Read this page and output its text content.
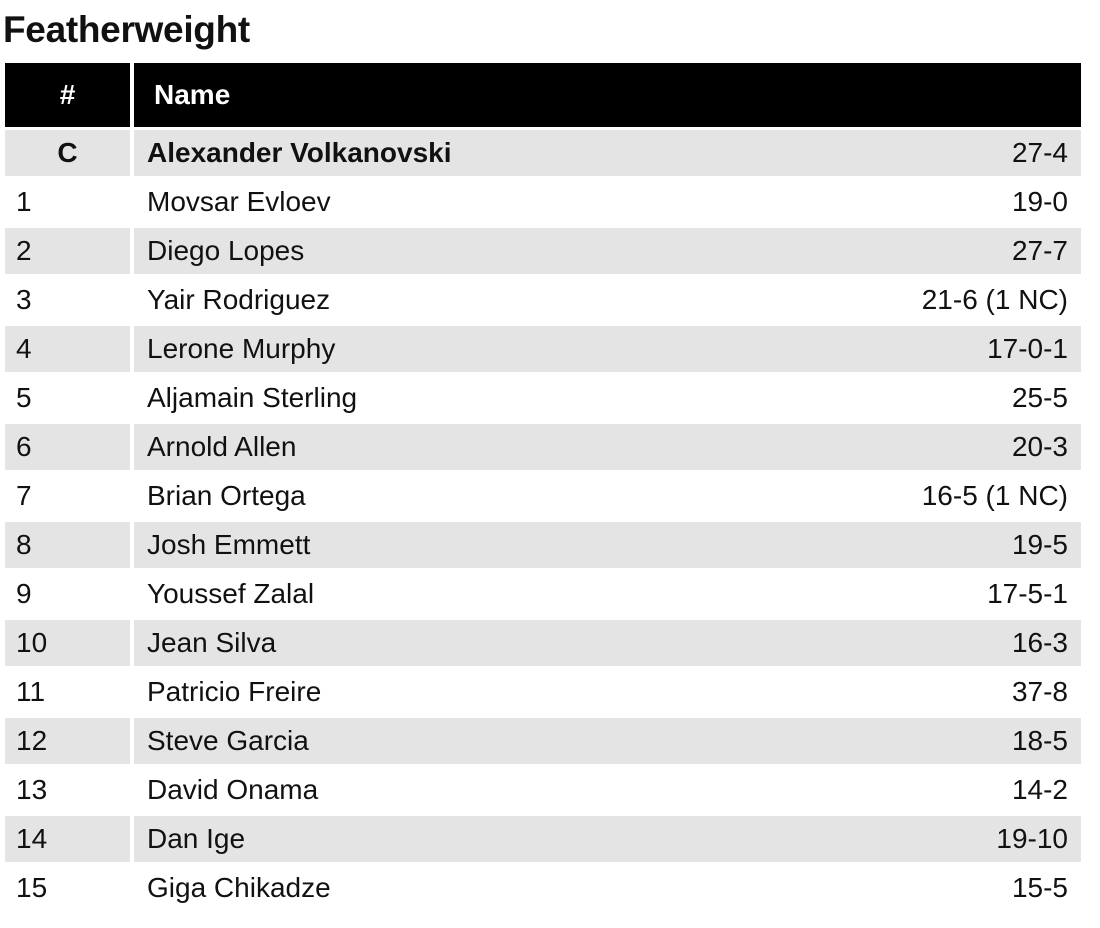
Featherweight
#		Name
C		Alexander Volkanovski 27-4

1		Movsar Evloev 19-0

2		Diego Lopes 27-7

3		Yair Rodriguez 21-6 (1 NC)

4		Lerone Murphy 17-0-1

5		Aljamain Sterling 25-5

6		Arnold Allen 20-3

7		Brian Ortega 16-5 (1 NC)

8		Josh Emmett 19-5

9		Youssef Zalal 17-5-1

10		Jean Silva 16-3

11		Patricio Freire 37-8

12		Steve Garcia 18-5

13		David Onama 14-2

14		Dan Ige 19-10

15		Giga Chikadze 15-5
